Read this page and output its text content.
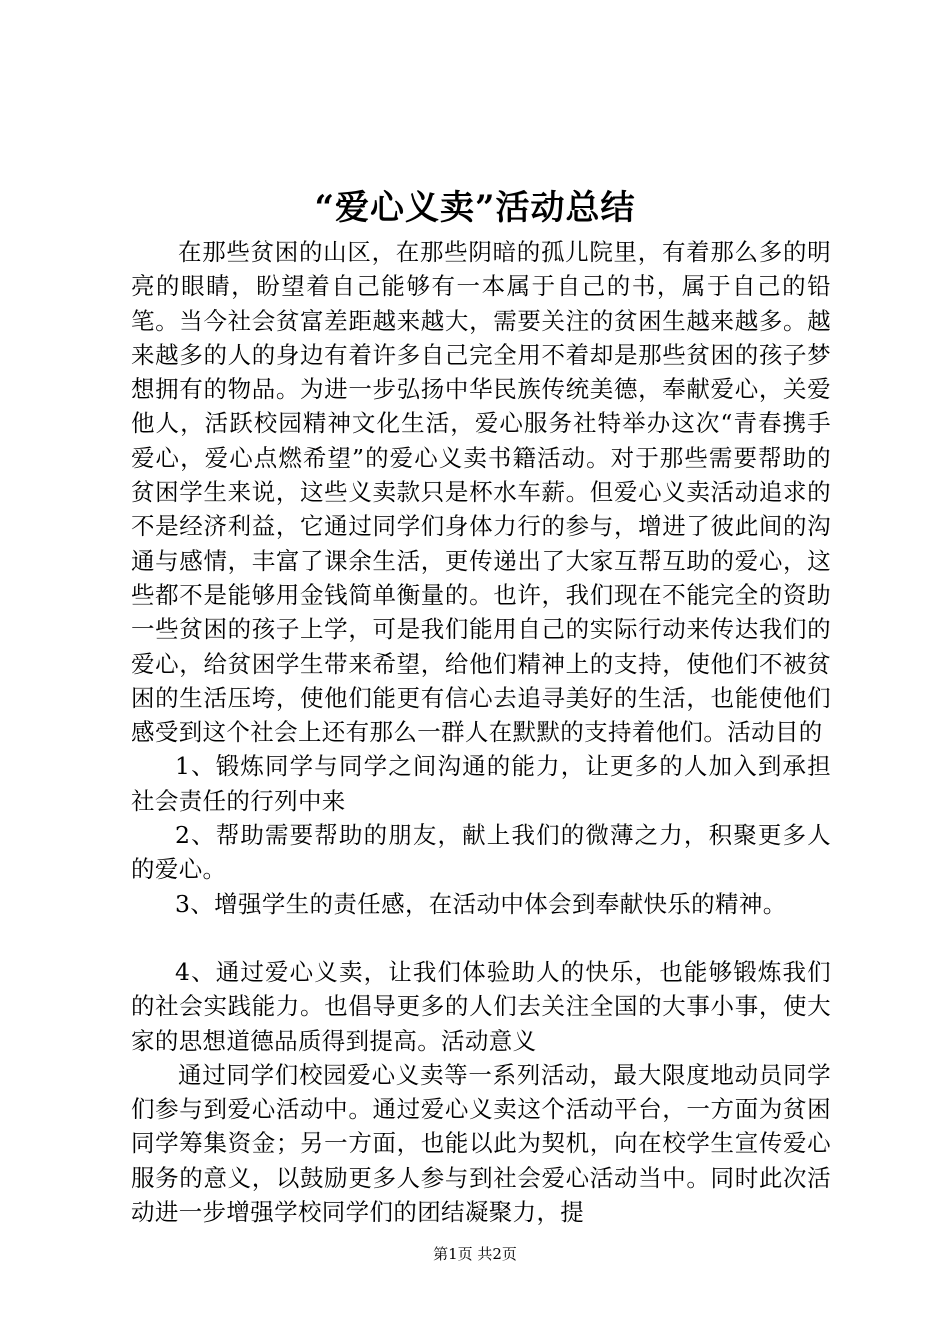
“爱心义卖”活动总结

在那些贫困的山区，在那些阴暗的孤儿院里，有着那么多的明亮的眼睛，盼望着自己能够有一本属于自己的书，属于自己的铅笔。当今社会贫富差距越来越大，需要关注的贫困生越来越多。越来越多的人的身边有着许多自己完全用不着却是那些贫困的孩子梦想拥有的物品。为进一步弘扬中华民族传统美德，奉献爱心，关爱他人，活跃校园精神文化生活，爱心服务社特举办这次“青春携手爱心，爱心点燃希望”的爱心义卖书籍活动。对于那些需要帮助的贫困学生来说，这些义卖款只是杯水车薪。但爱心义卖活动追求的不是经济利益，它通过同学们身体力行的参与，增进了彼此间的沟通与感情，丰富了课余生活，更传递出了大家互帮互助的爱心，这些都不是能够用金钱简单衡量的。也许，我们现在不能完全的资助一些贫困的孩子上学，可是我们能用自己的实际行动来传达我们的爱心，给贫困学生带来希望，给他们精神上的支持，使他们不被贫困的生活压垮，使他们能更有信心去追寻美好的生活，也能使他们感受到这个社会上还有那么一群人在默默的支持着他们。活动目的

1、锻炼同学与同学之间沟通的能力，让更多的人加入到承担社会责任的行列中来

2、帮助需要帮助的朋友，献上我们的微薄之力，积聚更多人的爱心。

3、增强学生的责任感，在活动中体会到奉献快乐的精神。

4、通过爱心义卖，让我们体验助人的快乐，也能够锻炼我们的社会实践能力。也倡导更多的人们去关注全国的大事小事，使大家的思想道德品质得到提高。活动意义

通过同学们校园爱心义卖等一系列活动，最大限度地动员同学们参与到爱心活动中。通过爱心义卖这个活动平台，一方面为贫困同学筹集资金；另一方面，也能以此为契机，向在校学生宣传爱心服务的意义，以鼓励更多人参与到社会爱心活动当中。同时此次活动进一步增强学校同学们的团结凝聚力，提

第1页 共2页
